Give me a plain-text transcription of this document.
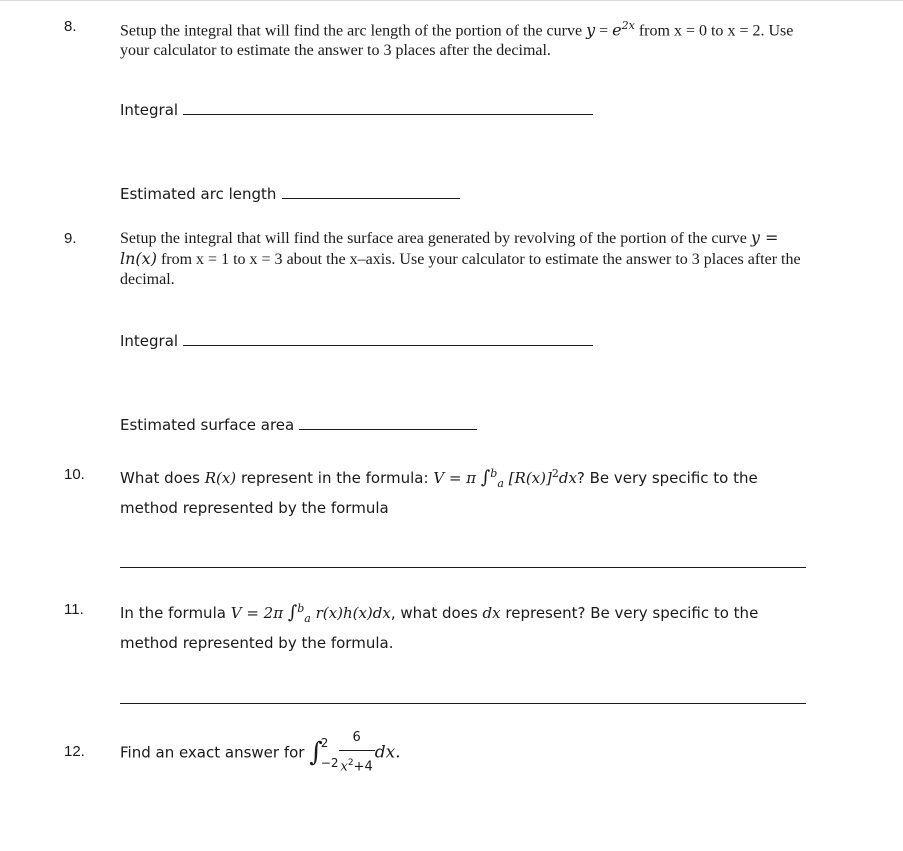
8.	Setup the integral that will find the arc length of the portion of the curve $y = e^{2x}$ from x = 0 to x = 2. Use your calculator to estimate the answer to 3 places after the decimal.
Integral
Estimated arc length
9.	Setup the integral that will find the surface area generated by revolving of the portion of the curve y = ln(x) from x = 1 to x = 3 about the x–axis. Use your calculator to estimate the answer to 3 places after the decimal.
Integral
Estimated surface area
10. What does R(x) represent in the formula: V = π ∫$^b_a$ $[R(x)]^2dx$? Be very specific to the method represented by the formula
11. In the formula V = 2π ∫$^b_a$ r(x)h(x)dx, what does dx represent? Be very specific to the method represented by the formula.
12. Find an exact answer for ∫
2
$-2 \frac{6}{x^2+4}$ dx.
